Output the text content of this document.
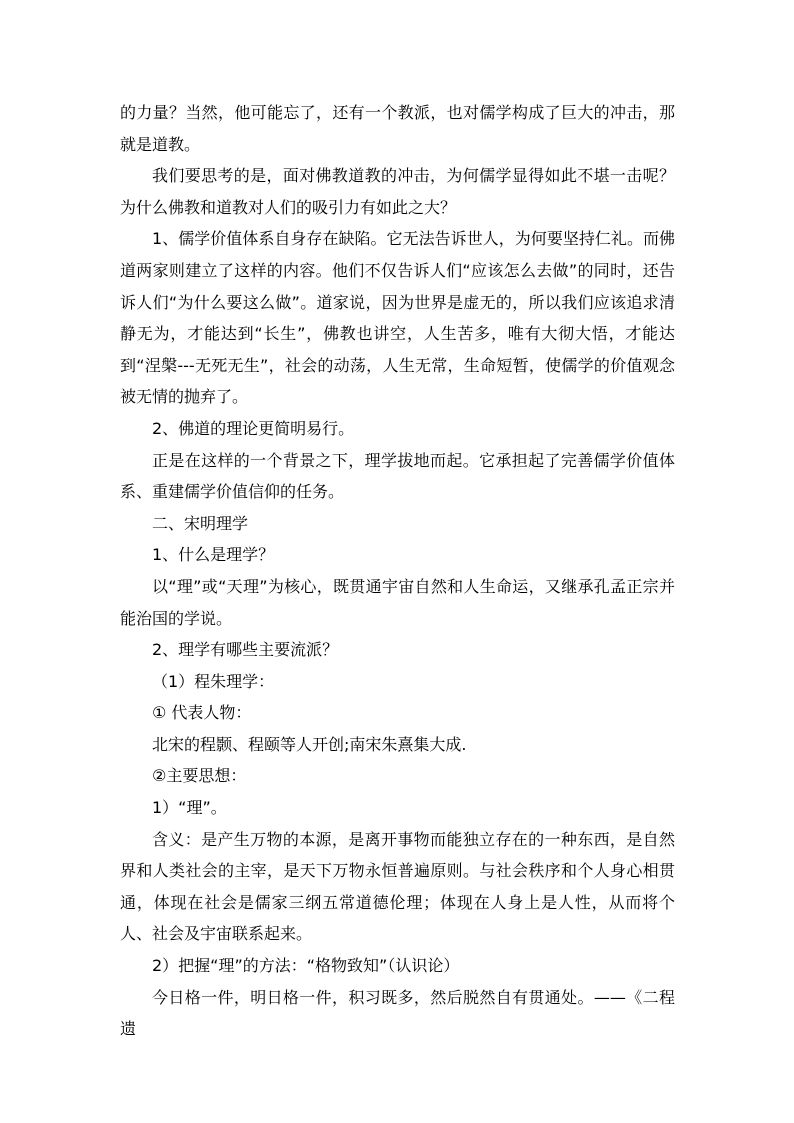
的力量？当然，他可能忘了，还有一个教派，也对儒学构成了巨大的冲击，那就是道教。

我们要思考的是，面对佛教道教的冲击，为何儒学显得如此不堪一击呢？为什么佛教和道教对人们的吸引力有如此之大？

1、儒学价值体系自身存在缺陷。它无法告诉世人，为何要坚持仁礼。而佛道两家则建立了这样的内容。他们不仅告诉人们“应该怎么去做”的同时，还告诉人们“为什么要这么做”。道家说，因为世界是虚无的，所以我们应该追求清静无为，才能达到“长生”，佛教也讲空，人生苦多，唯有大彻大悟，才能达到“涅槃---无死无生”，社会的动荡，人生无常，生命短暂，使儒学的价值观念被无情的抛弃了。

2、佛道的理论更简明易行。

正是在这样的一个背景之下，理学拔地而起。它承担起了完善儒学价值体系、重建儒学价值信仰的任务。

二、宋明理学

1、什么是理学？

以“理”或“天理”为核心，既贯通宇宙自然和人生命运，又继承孔孟正宗并能治国的学说。

2、理学有哪些主要流派？

（1）程朱理学：

① 代表人物：

北宋的程颢、程颐等人开创;南宋朱熹集大成.

②主要思想：

1）“理”。

含义：是产生万物的本源，是离开事物而能独立存在的一种东西，是自然界和人类社会的主宰，是天下万物永恒普遍原则。与社会秩序和个人身心相贯通，体现在社会是儒家三纲五常道德伦理；体现在人身上是人性，从而将个人、社会及宇宙联系起来。

2）把握“理”的方法：“格物致知”（认识论）

今日格一件，明日格一件，积习既多，然后脱然自有贯通处。——《二程遗
